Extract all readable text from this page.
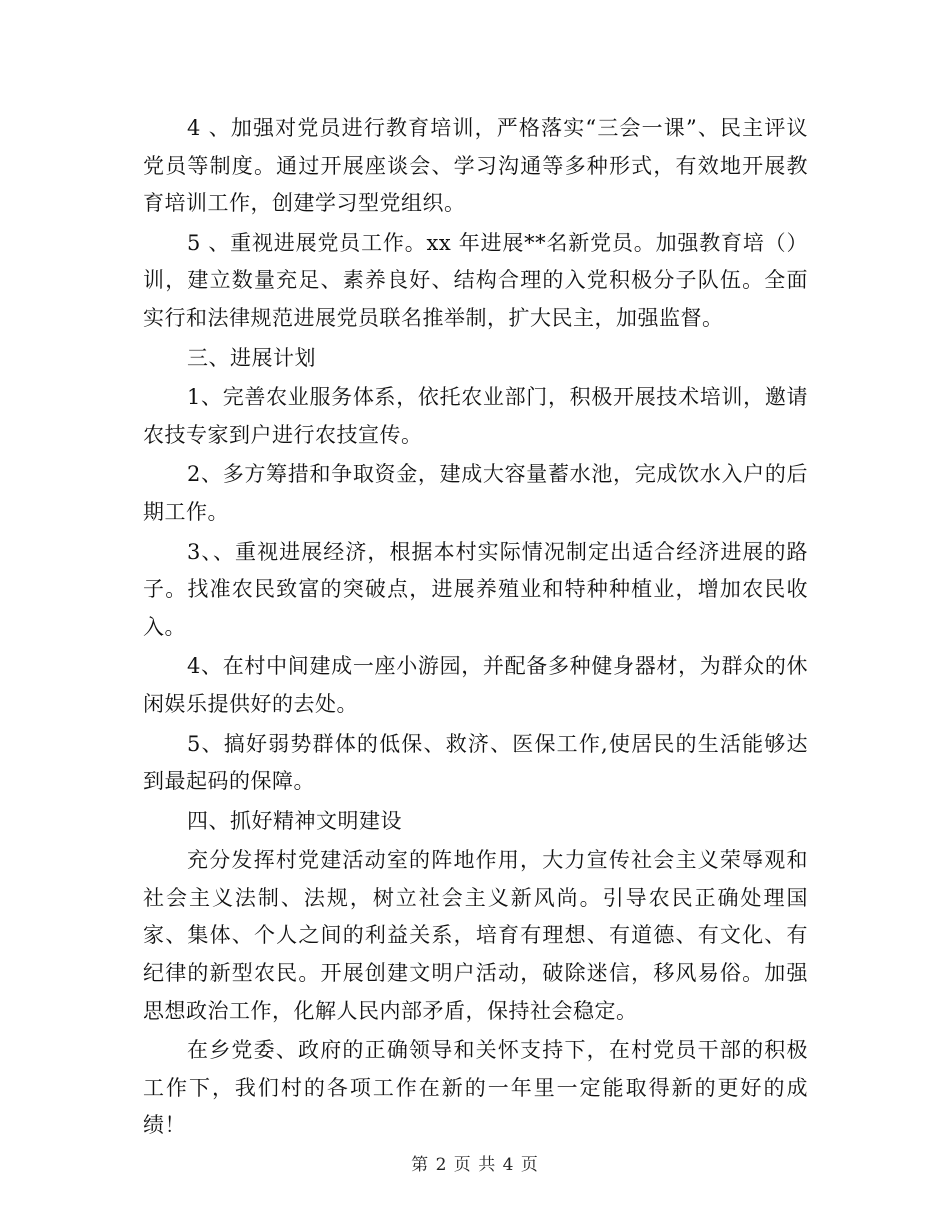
4 、加强对党员进行教育培训，严格落实“三会一课”、民主评议党员等制度。通过开展座谈会、学习沟通等多种形式，有效地开展教育培训工作，创建学习型党组织。

5 、重视进展党员工作。xx 年进展**名新党员。加强教育培（）训，建立数量充足、素养良好、结构合理的入党积极分子队伍。全面实行和法律规范进展党员联名推举制，扩大民主，加强监督。

三、进展计划

1、完善农业服务体系，依托农业部门，积极开展技术培训，邀请农技专家到户进行农技宣传。

2、多方筹措和争取资金，建成大容量蓄水池，完成饮水入户的后期工作。

3、、重视进展经济，根据本村实际情况制定出适合经济进展的路子。找准农民致富的突破点，进展养殖业和特种种植业，增加农民收入。

4、在村中间建成一座小游园，并配备多种健身器材，为群众的休闲娱乐提供好的去处。

5、搞好弱势群体的低保、救济、医保工作,使居民的生活能够达到最起码的保障。

四、抓好精神文明建设

充分发挥村党建活动室的阵地作用，大力宣传社会主义荣辱观和社会主义法制、法规，树立社会主义新风尚。引导农民正确处理国家、集体、个人之间的利益关系，培育有理想、有道德、有文化、有纪律的新型农民。开展创建文明户活动，破除迷信，移风易俗。加强思想政治工作，化解人民内部矛盾，保持社会稳定。

在乡党委、政府的正确领导和关怀支持下，在村党员干部的积极工作下，我们村的各项工作在新的一年里一定能取得新的更好的成绩！

第 2 页 共 4 页
